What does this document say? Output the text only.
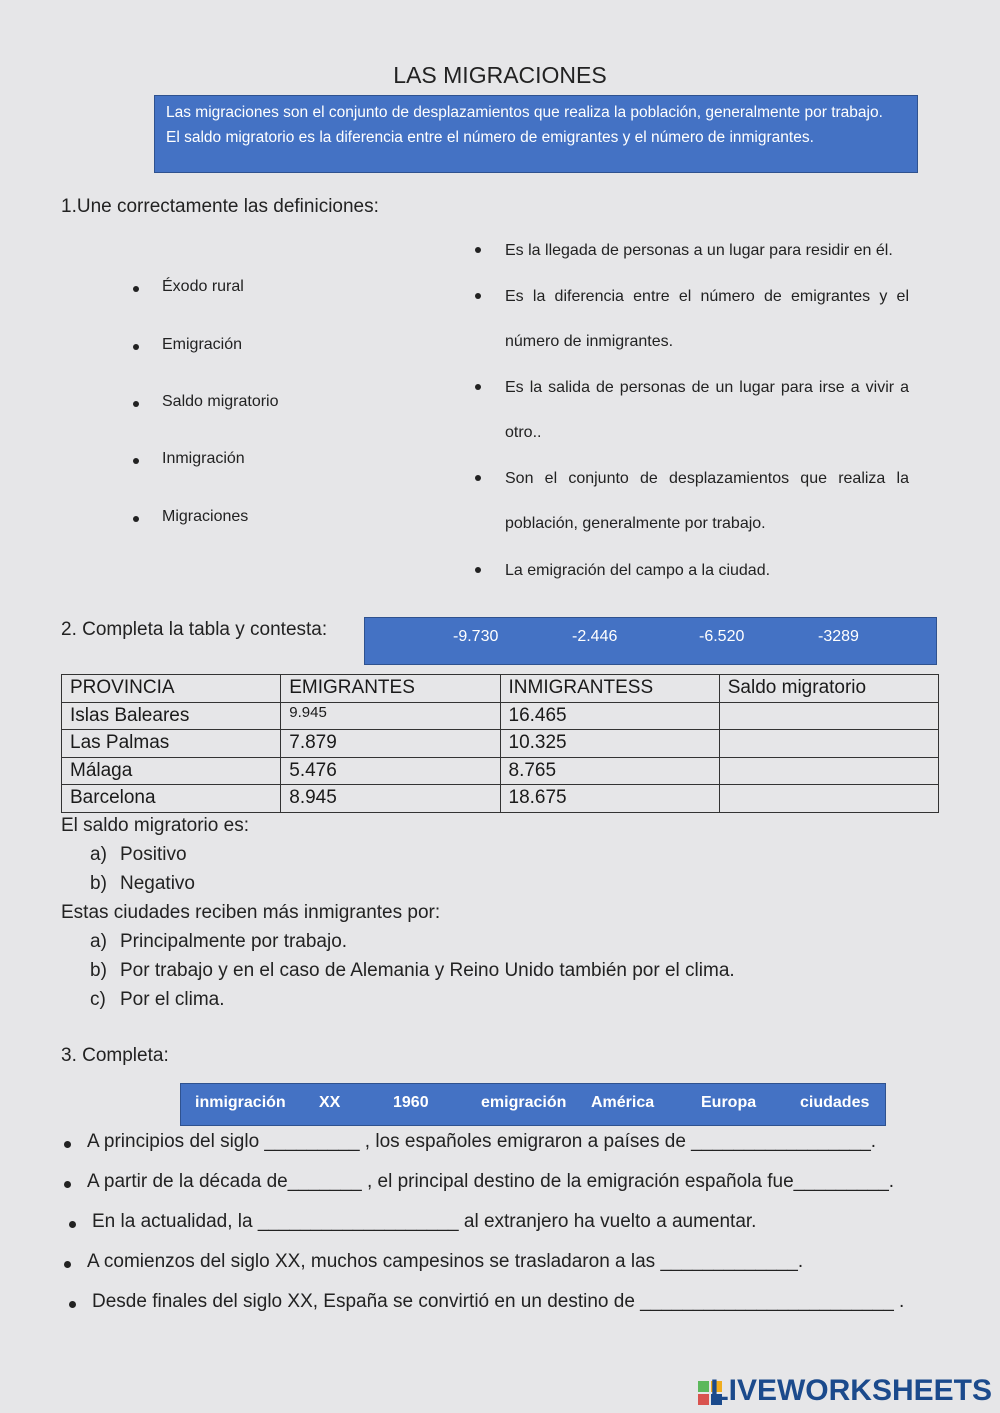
LAS MIGRACIONES

Las migraciones son el conjunto de desplazamientos que realiza la población, generalmente por trabajo.

El saldo migratorio es la diferencia entre el número de emigrantes y el número de inmigrantes.

1.Une correctamente las definiciones:
Éxodo rural
Emigración
Saldo migratorio
Inmigración
Migraciones
Es la llegada de personas a un lugar para residir en él.
Es la diferencia entre el número de emigrantes y el número de inmigrantes.
Es la salida de personas de un lugar para irse a vivir a otro..
Son el conjunto de desplazamientos que realiza la población, generalmente por trabajo.
La emigración del campo a la ciudad.
2. Completa la tabla y contesta:	-9.730	-2.446	-6.520	-3289
PROVINCIA	EMIGRANTES	INMIGRANTESS	Saldo migratorio
Islas Baleares	9.945	16.465	
Las Palmas	7.879	10.325	
Málaga	5.476	8.765	
Barcelona	8.945	18.675	
El saldo migratorio es:
a) Positivo
b) Negativo
Estas ciudades reciben más inmigrantes por:
a) Principalmente por trabajo.
b) Por trabajo y en el caso de Alemania y Reino Unido también por el clima.
c) Por el clima.
3. Completa:
inmigración XX	1960	emigración América	Europa	ciudades
A principios del siglo _________ , los españoles emigraron a países de _________________.
A partir de la década de_______ , el principal destino de la emigración española fue_________.
En la actualidad, la ___________________ al extranjero ha vuelto a aumentar.
A comienzos del siglo XX, muchos campesinos se trasladaron a las _____________.
Desde finales del siglo XX, España se convirtió en un destino de ________________________ .
LIVEWORKSHEETS
